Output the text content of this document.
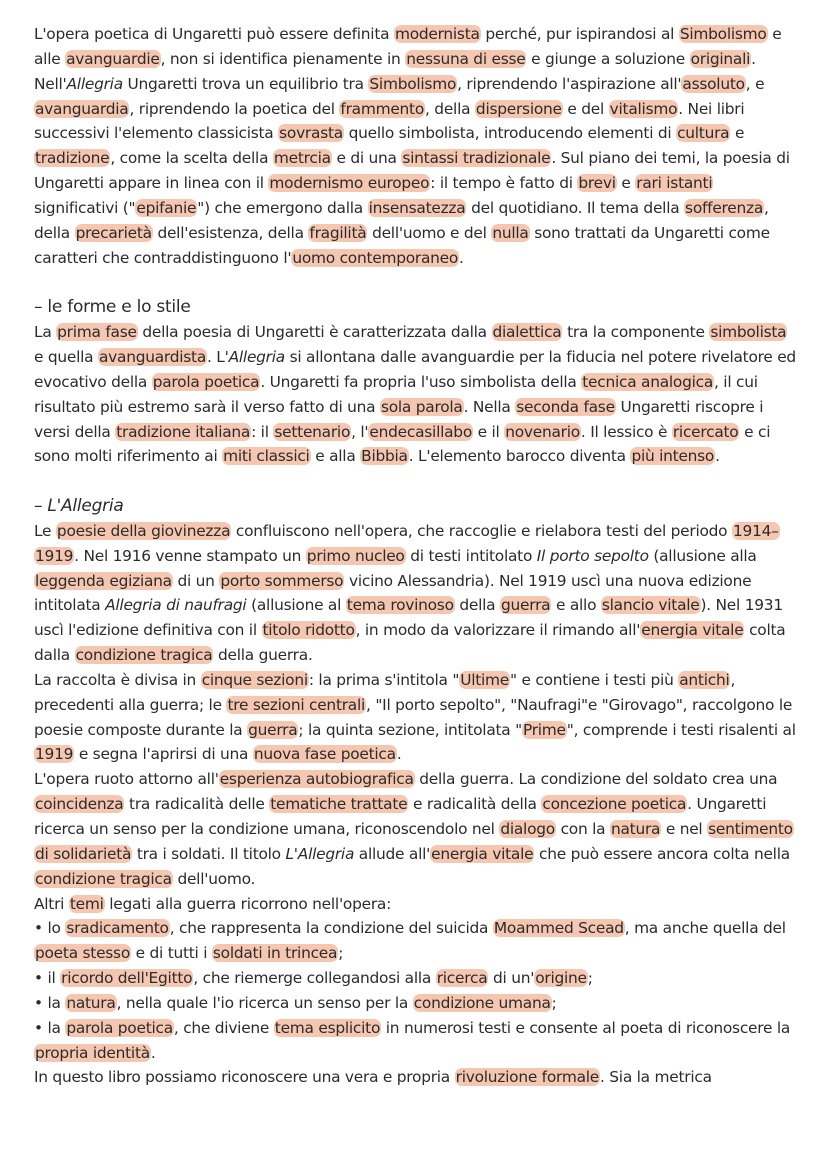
L'opera poetica di Ungaretti può essere definita modernista perché, pur ispirandosi al Simbolismo e alle avanguardie, non si identifica pienamente in nessuna di esse e giunge a soluzione originali. Nell'Allegria Ungaretti trova un equilibrio tra Simbolismo, riprendendo l'aspirazione all'assoluto, e avanguardia, riprendendo la poetica del frammento, della dispersione e del vitalismo. Nei libri successivi l'elemento classicista sovrasta quello simbolista, introducendo elementi di cultura e tradizione, come la scelta della metrcia e di una sintassi tradizionale. Sul piano dei temi, la poesia di Ungaretti appare in linea con il modernismo europeo: il tempo è fatto di brevi e rari istanti significativi ("epifanie") che emergono dalla insensatezza del quotidiano. Il tema della sofferenza, della precarietà dell'esistenza, della fragilità dell'uomo e del nulla sono trattati da Ungaretti come caratteri che contraddistinguono l'uomo contemporaneo.

– le forme e lo stile

La prima fase della poesia di Ungaretti è caratterizzata dalla dialettica tra la componente simbolista e quella avanguardista. L'Allegria si allontana dalle avanguardie per la fiducia nel potere rivelatore ed evocativo della parola poetica. Ungaretti fa propria l'uso simbolista della tecnica analogica, il cui risultato più estremo sarà il verso fatto di una sola parola. Nella seconda fase Ungaretti riscopre i versi della tradizione italiana: il settenario, l'endecasillabo e il novenario. Il lessico è ricercato e ci sono molti riferimento ai miti classici e alla Bibbia. L'elemento barocco diventa più intenso.

– L'Allegria

Le poesie della giovinezza confluiscono nell'opera, che raccoglie e rielabora testi del periodo 1914–1919. Nel 1916 venne stampato un primo nucleo di testi intitolato Il porto sepolto (allusione alla leggenda egiziana di un porto sommerso vicino Alessandria). Nel 1919 uscì una nuova edizione intitolata Allegria di naufragi (allusione al tema rovinoso della guerra e allo slancio vitale). Nel 1931 uscì l'edizione definitiva con il titolo ridotto, in modo da valorizzare il rimando all'energia vitale colta dalla condizione tragica della guerra.

La raccolta è divisa in cinque sezioni: la prima s'intitola "Ultime" e contiene i testi più antichi, precedenti alla guerra; le tre sezioni centrali, "Il porto sepolto", "Naufragi"e "Girovago", raccolgono le poesie composte durante la guerra; la quinta sezione, intitolata "Prime", comprende i testi risalenti al 1919 e segna l'aprirsi di una nuova fase poetica.

L'opera ruoto attorno all'esperienza autobiografica della guerra. La condizione del soldato crea una coincidenza tra radicalità delle tematiche trattate e radicalità della concezione poetica. Ungaretti ricerca un senso per la condizione umana, riconoscendolo nel dialogo con la natura e nel sentimento di solidarietà tra i soldati. Il titolo L'Allegria allude all'energia vitale che può essere ancora colta nella condizione tragica dell'uomo.

Altri temi legati alla guerra ricorrono nell'opera:

• lo sradicamento, che rappresenta la condizione del suicida Moammed Scead, ma anche quella del poeta stesso e di tutti i soldati in trincea;

• il ricordo dell'Egitto, che riemerge collegandosi alla ricerca di un'origine;

• la natura, nella quale l'io ricerca un senso per la condizione umana;

• la parola poetica, che diviene tema esplicito in numerosi testi e consente al poeta di riconoscere la propria identità.

In questo libro possiamo riconoscere una vera e propria rivoluzione formale. Sia la metrica
